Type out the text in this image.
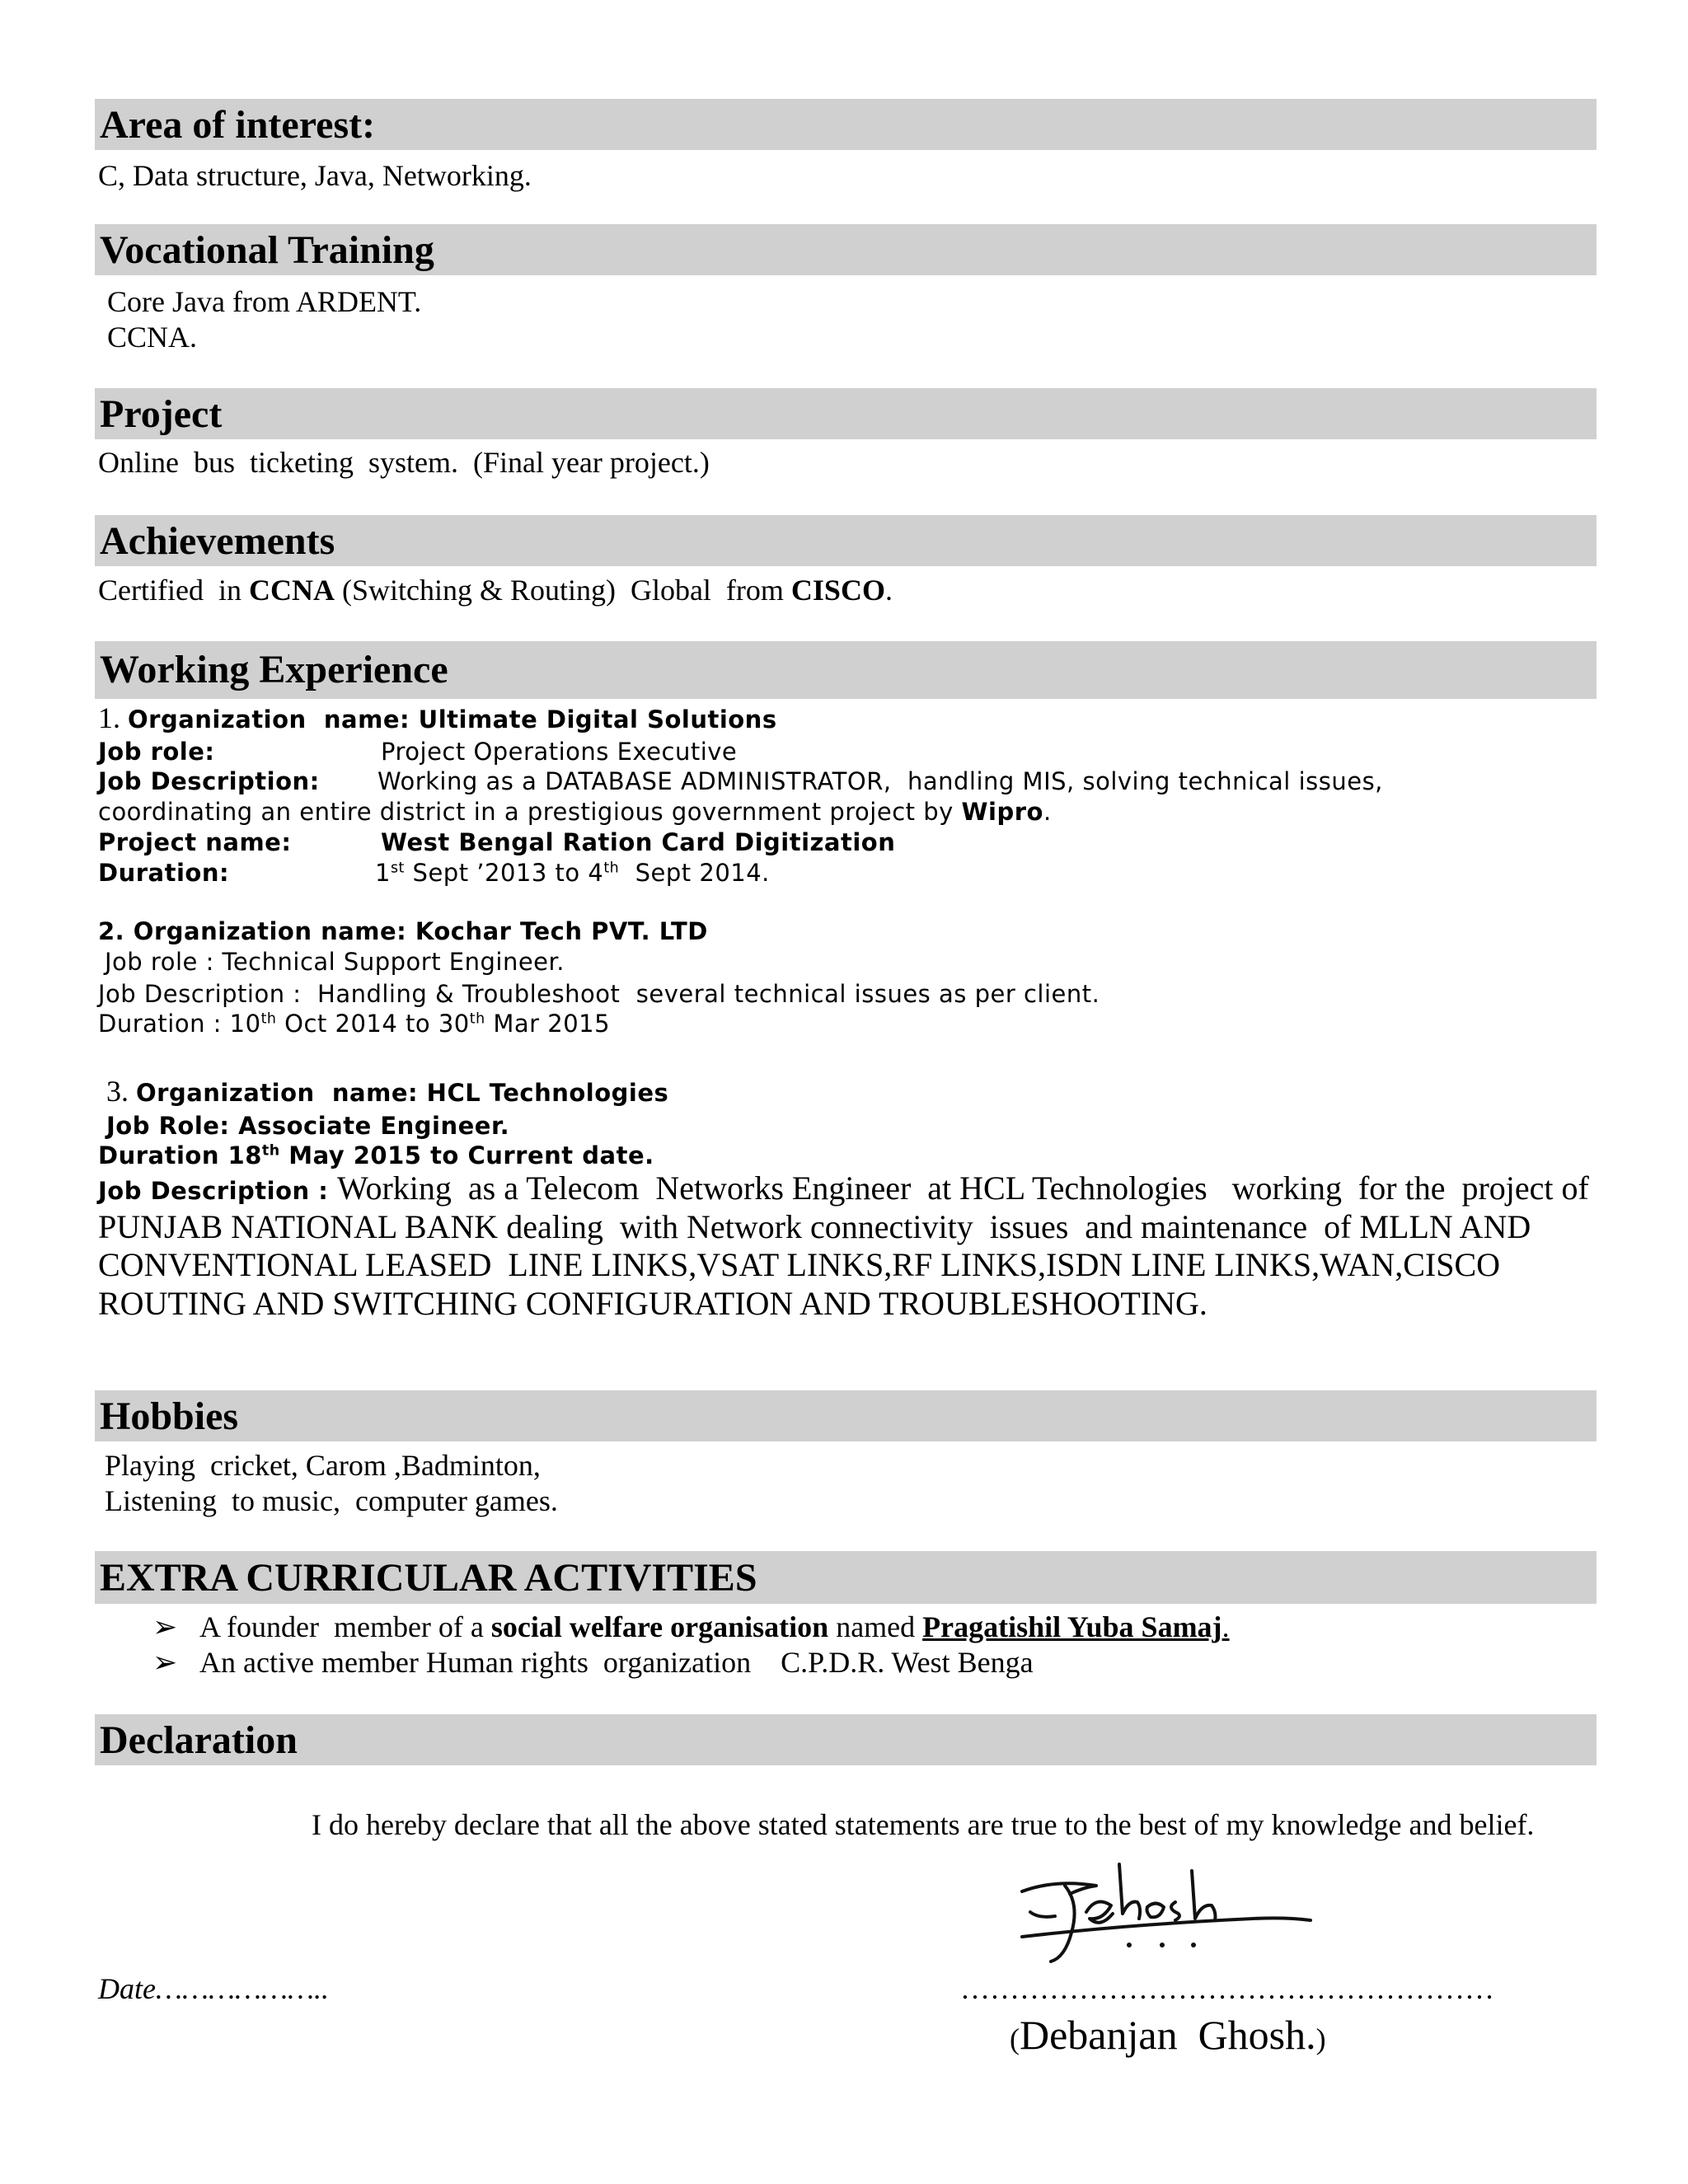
Area of interest:
C, Data structure, Java, Networking.
Vocational Training
Core Java from ARDENT.
CCNA.
Project
Online  bus  ticketing  system.  (Final year project.)
Achievements
Certified  in CCNA (Switching & Routing)  Global  from CISCO.
Working Experience
1. Organization  name: Ultimate Digital Solutions
Job role:	Project Operations Executive
Job Description: Working as a DATABASE ADMINISTRATOR,  handling MIS, solving technical issues,
coordinating an entire district in a prestigious government project by Wipro.
Project name:	West Bengal Ration Card Digitization
Duration:	1st Sept ’2013 to 4th  Sept 2014.
2. Organization name: Kochar Tech PVT. LTD
Job role : Technical Support Engineer.
Job Description :  Handling & Troubleshoot  several technical issues as per client.
Duration : 10th Oct 2014 to 30th Mar 2015
3. Organization  name: HCL Technologies
Job Role: Associate Engineer.
Duration 18th May 2015 to Current date.
Job Description : Working  as a Telecom  Networks Engineer  at HCL Technologies   working  for the  project of
PUNJAB NATIONAL BANK dealing  with Network connectivity  issues  and maintenance  of MLLN AND
CONVENTIONAL LEASED  LINE LINKS,VSAT LINKS,RF LINKS,ISDN LINE LINKS,WAN,CISCO
ROUTING AND SWITCHING CONFIGURATION AND TROUBLESHOOTING.
Hobbies
Playing  cricket, Carom ,Badminton,
Listening  to music,  computer games.
EXTRA CURRICULAR ACTIVITIES
➢ A founder  member of a social welfare organisation named Pragatishil Yuba Samaj.
➢ An active member Human rights  organization    C.P.D.R. West Benga
Declaration
I do hereby declare that all the above stated statements are true to the best of my knowledge and belief.
Date………………..	………………………………………………
(Debanjan  Ghosh.)
